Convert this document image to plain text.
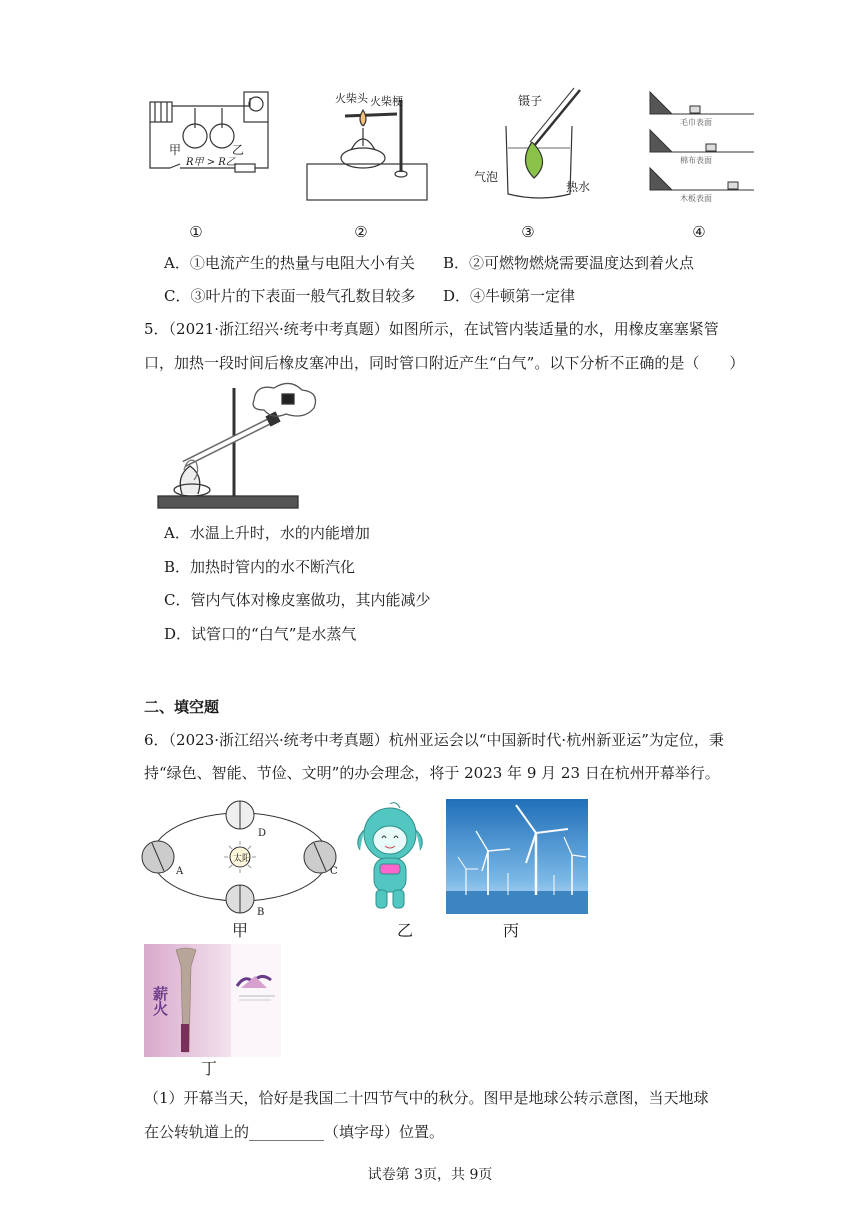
甲	乙
R甲 > R乙
火柴头 火柴梗	镊子
气泡
热水
毛巾表面
棉布表面
木板表面
①	②	③	④
A．①电流产生的热量与电阻大小有关 B．②可燃物燃烧需要温度达到着火点
C．③叶片的下表面一般气孔数目较多 D．④牛顿第一定律
5．（2021·浙江绍兴·统考中考真题）如图所示，在试管内装适量的水，用橡皮塞塞紧管
口，加热一段时间后橡皮塞冲出，同时管口附近产生“白气”。以下分析不正确的是（　　）
A．水温上升时，水的内能增加
B．加热时管内的水不断汽化
C．管内气体对橡皮塞做功，其内能减少
D．试管口的“白气”是水蒸气
二、填空题
6．（2023·浙江绍兴·统考中考真题）杭州亚运会以“中国新时代·杭州新亚运”为定位，秉
持“绿色、智能、节俭、文明”的办会理念，将于 2023 年 9 月 23 日在杭州开幕举行。
太阳
A
B
C
D
甲	乙	丙
薪火
丁
（1）开幕当天，恰好是我国二十四节气中的秋分。图甲是地球公转示意图，当天地球
在公转轨道上的__________（填字母）位置。
试卷第 3页，共 9页
